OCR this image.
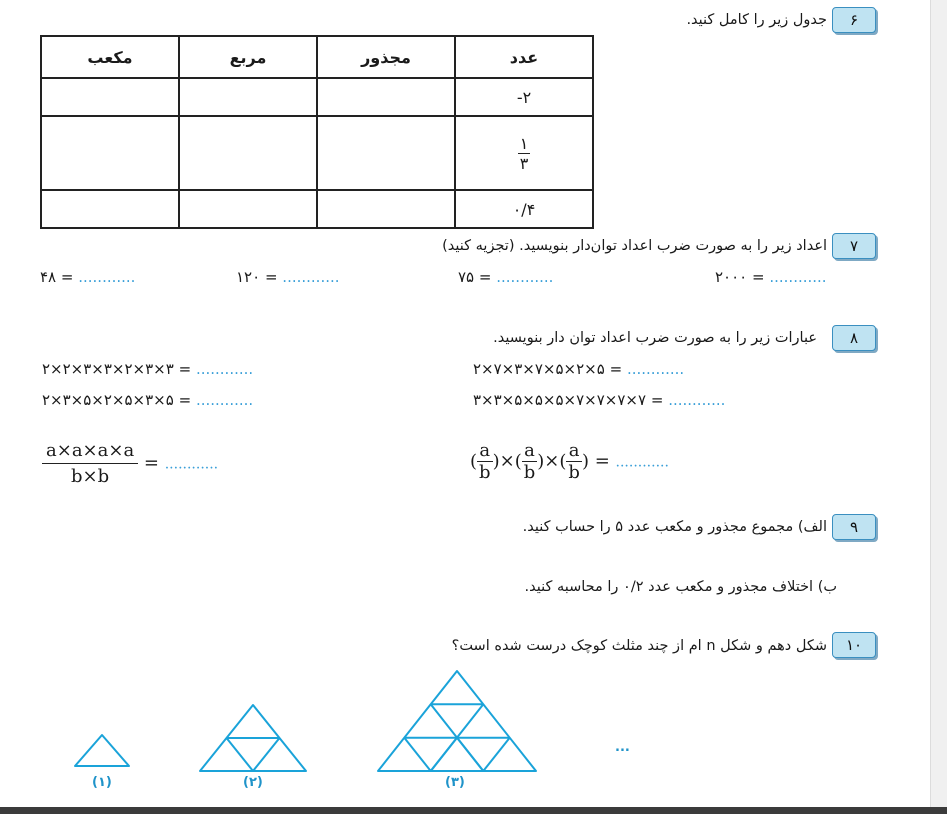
۶
جدول زیر را کامل کنید.
مکعب	مربع	مجذور	عدد
			-۲

			$\frac{۱}{۳}$

			۰/۴
۷
اعداد زیر را به صورت ضرب اعداد توان‌دار بنویسید. (تجزیه کنید)
۴۸ = ............	۱۲۰ = ............	۷۵ = ............	۲۰۰۰ = ............
۸
عبارات زیر را به صورت ضرب اعداد توان دار بنویسید.
۲×۲×۳×۳×۲×۳×۳ = ............
۲×۳×۵×۲×۵×۳×۵ = ............
۲×۷×۳×۷×۵×۲×۵ = ............
۳×۳×۵×۵×۵×۷×۷×۷×۷ = ............
$\frac{a\times a\times a\times a}{b\times b}$ = ............	( $\frac{a}{b}$ )×( $\frac{a}{b}$ )×( $\frac{a}{b}$ ) = ............
۹
الف) مجموع مجذور و مکعب عدد ۵ را حساب کنید.
ب) اختلاف مجذور و مکعب عدد ۰/۲ را محاسبه کنید.
۱۰
شکل دهم و شکل n ام از چند مثلث کوچک درست شده است؟
(۱)	(۲)	(۳)
...
